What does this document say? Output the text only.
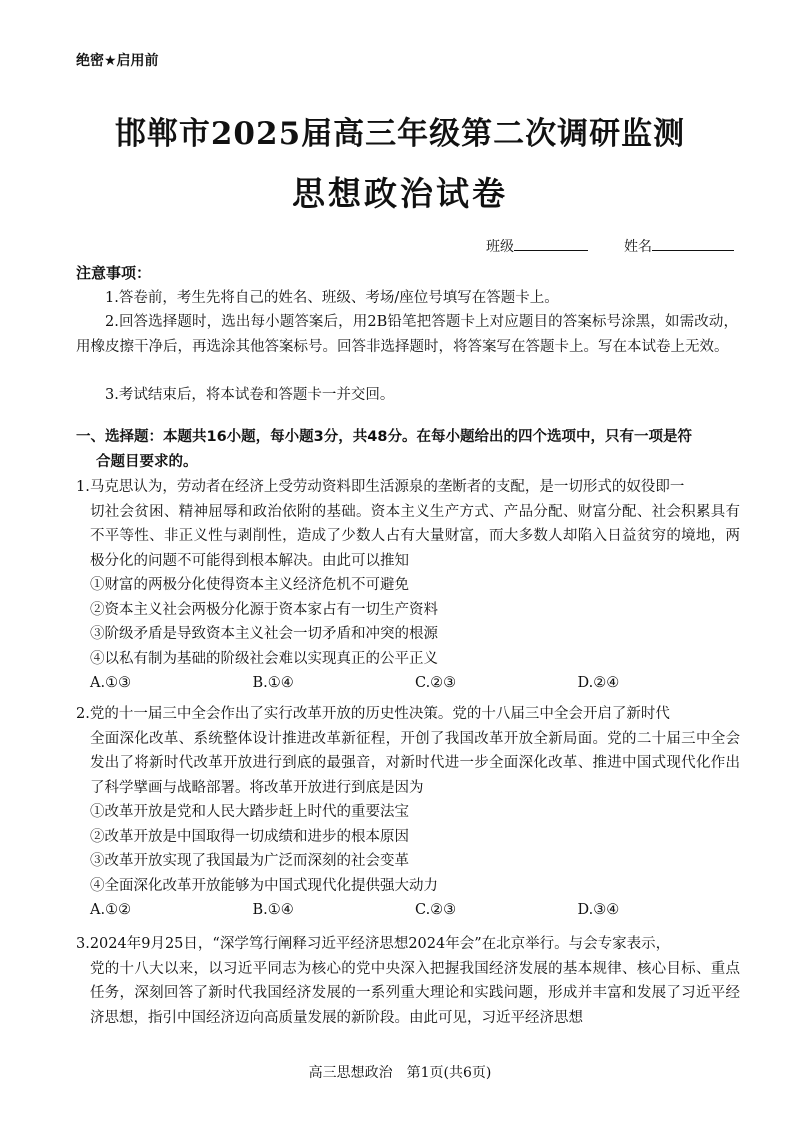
绝密★启用前
邯郸市2025届高三年级第二次调研监测
思想政治试卷
班级	姓名
注意事项：
1.答卷前，考生先将自己的姓名、班级、考场/座位号填写在答题卡上。
2.回答选择题时，选出每小题答案后，用2B铅笔把答题卡上对应题目的答案标号涂黑，如需改动，用橡皮擦干净后，再选涂其他答案标号。回答非选择题时，将答案写在答题卡上。写在本试卷上无效。
3.考试结束后，将本试卷和答题卡一并交回。
一、选择题：本题共16小题，每小题3分，共48分。在每小题给出的四个选项中，只有一项是符
合题目要求的。
1.马克思认为，劳动者在经济上受劳动资料即生活源泉的垄断者的支配，是一切形式的奴役即一
切社会贫困、精神屈辱和政治依附的基础。资本主义生产方式、产品分配、财富分配、社会积累具有不平等性、非正义性与剥削性，造成了少数人占有大量财富，而大多数人却陷入日益贫穷的境地，两极分化的问题不可能得到根本解决。由此可以推知
①财富的两极分化使得资本主义经济危机不可避免
②资本主义社会两极分化源于资本家占有一切生产资料
③阶级矛盾是导致资本主义社会一切矛盾和冲突的根源
④以私有制为基础的阶级社会难以实现真正的公平正义
A.①③	B.①④	C.②③	D.②④
2.党的十一届三中全会作出了实行改革开放的历史性决策。党的十八届三中全会开启了新时代
全面深化改革、系统整体设计推进改革新征程，开创了我国改革开放全新局面。党的二十届三中全会发出了将新时代改革开放进行到底的最强音，对新时代进一步全面深化改革、推进中国式现代化作出了科学擘画与战略部署。将改革开放进行到底是因为
①改革开放是党和人民大踏步赶上时代的重要法宝
②改革开放是中国取得一切成绩和进步的根本原因
③改革开放实现了我国最为广泛而深刻的社会变革
④全面深化改革开放能够为中国式现代化提供强大动力
A.①②	B.①④	C.②③	D.③④
3.2024年9月25日，“深学笃行阐释习近平经济思想2024年会”在北京举行。与会专家表示，
党的十八大以来，以习近平同志为核心的党中央深入把握我国经济发展的基本规律、核心目标、重点任务，深刻回答了新时代我国经济发展的一系列重大理论和实践问题，形成并丰富和发展了习近平经济思想，指引中国经济迈向高质量发展的新阶段。由此可见，习近平经济思想
高三思想政治　第1页(共6页)
